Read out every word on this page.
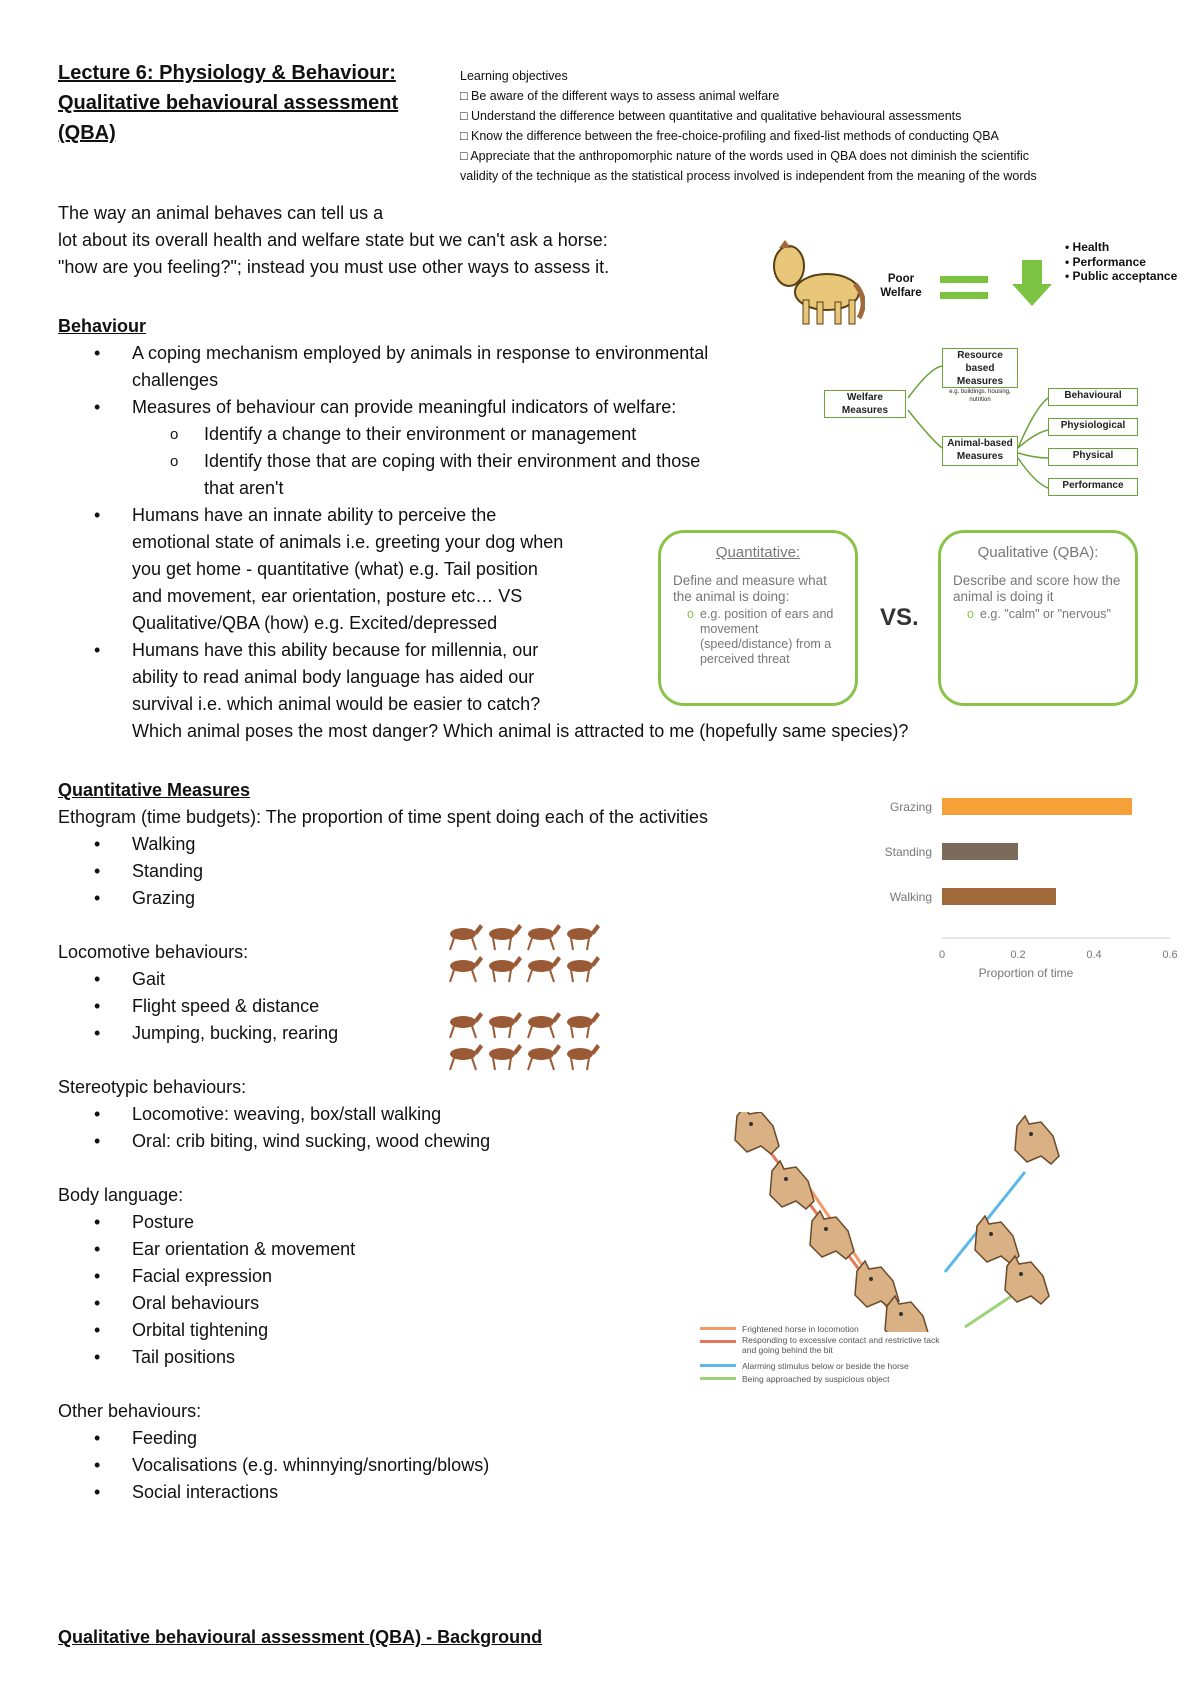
Lecture 6: Physiology & Behaviour:
Qualitative behavioural assessment
(QBA)
Learning objectives
□ Be aware of the different ways to assess animal welfare
□ Understand the difference between quantitative and qualitative behavioural assessments
□ Know the difference between the free-choice-profiling and fixed-list methods of conducting QBA
□ Appreciate that the anthropomorphic nature of the words used in QBA does not diminish the scientific
validity of the technique as the statistical process involved is independent from the meaning of the words
The way an animal behaves can tell us a
lot about its overall health and welfare state but we can't ask a horse:
"how are you feeling?"; instead you must use other ways to assess it.
Poor Welfare
• Health
• Performance
• Public acceptance
Welfare Measures
Resource based Measures
e.g. buildings, housing, nutrition
Animal-based Measures
Behavioural
Physiological
Physical
Performance
Behaviour
• A coping mechanism employed by animals in response to environmental
challenges
• Measures of behaviour can provide meaningful indicators of welfare:
o Identify a change to their environment or management
o Identify those that are coping with their environment and those
that aren't
• Humans have an innate ability to perceive the
emotional state of animals i.e. greeting your dog when
you get home - quantitative (what) e.g. Tail position
and movement, ear orientation, posture etc… VS
Qualitative/QBA (how) e.g. Excited/depressed
• Humans have this ability because for millennia, our
ability to read animal body language has aided our
survival i.e. which animal would be easier to catch?
Which animal poses the most danger? Which animal is attracted to me (hopefully same species)?
Quantitative:
Define and measure what the animal is doing:
o e.g. position of ears and movement (speed/distance) from a perceived threat
VS.
Qualitative (QBA):
Describe and score how the animal is doing it
o e.g. "calm" or "nervous"
Quantitative Measures
Ethogram (time budgets): The proportion of time spent doing each of the activities
• Walking
• Standing
• Grazing
Locomotive behaviours:
• Gait
• Flight speed & distance
• Jumping, bucking, rearing
Stereotypic behaviours:
• Locomotive: weaving, box/stall walking
• Oral: crib biting, wind sucking, wood chewing
Body language:
• Posture
• Ear orientation & movement
• Facial expression
• Oral behaviours
• Orbital tightening
• Tail positions
Other behaviours:
• Feeding
• Vocalisations (e.g. whinnying/snorting/blows)
• Social interactions
Grazing
Standing
Walking
0	0.2	0.4	0.6
Proportion of time
Frightened horse in locomotion
Responding to excessive contact and restrictive tack and going behind the bit
Alarming stimulus below or beside the horse
Being approached by suspicious object
Qualitative behavioural assessment (QBA) - Background
